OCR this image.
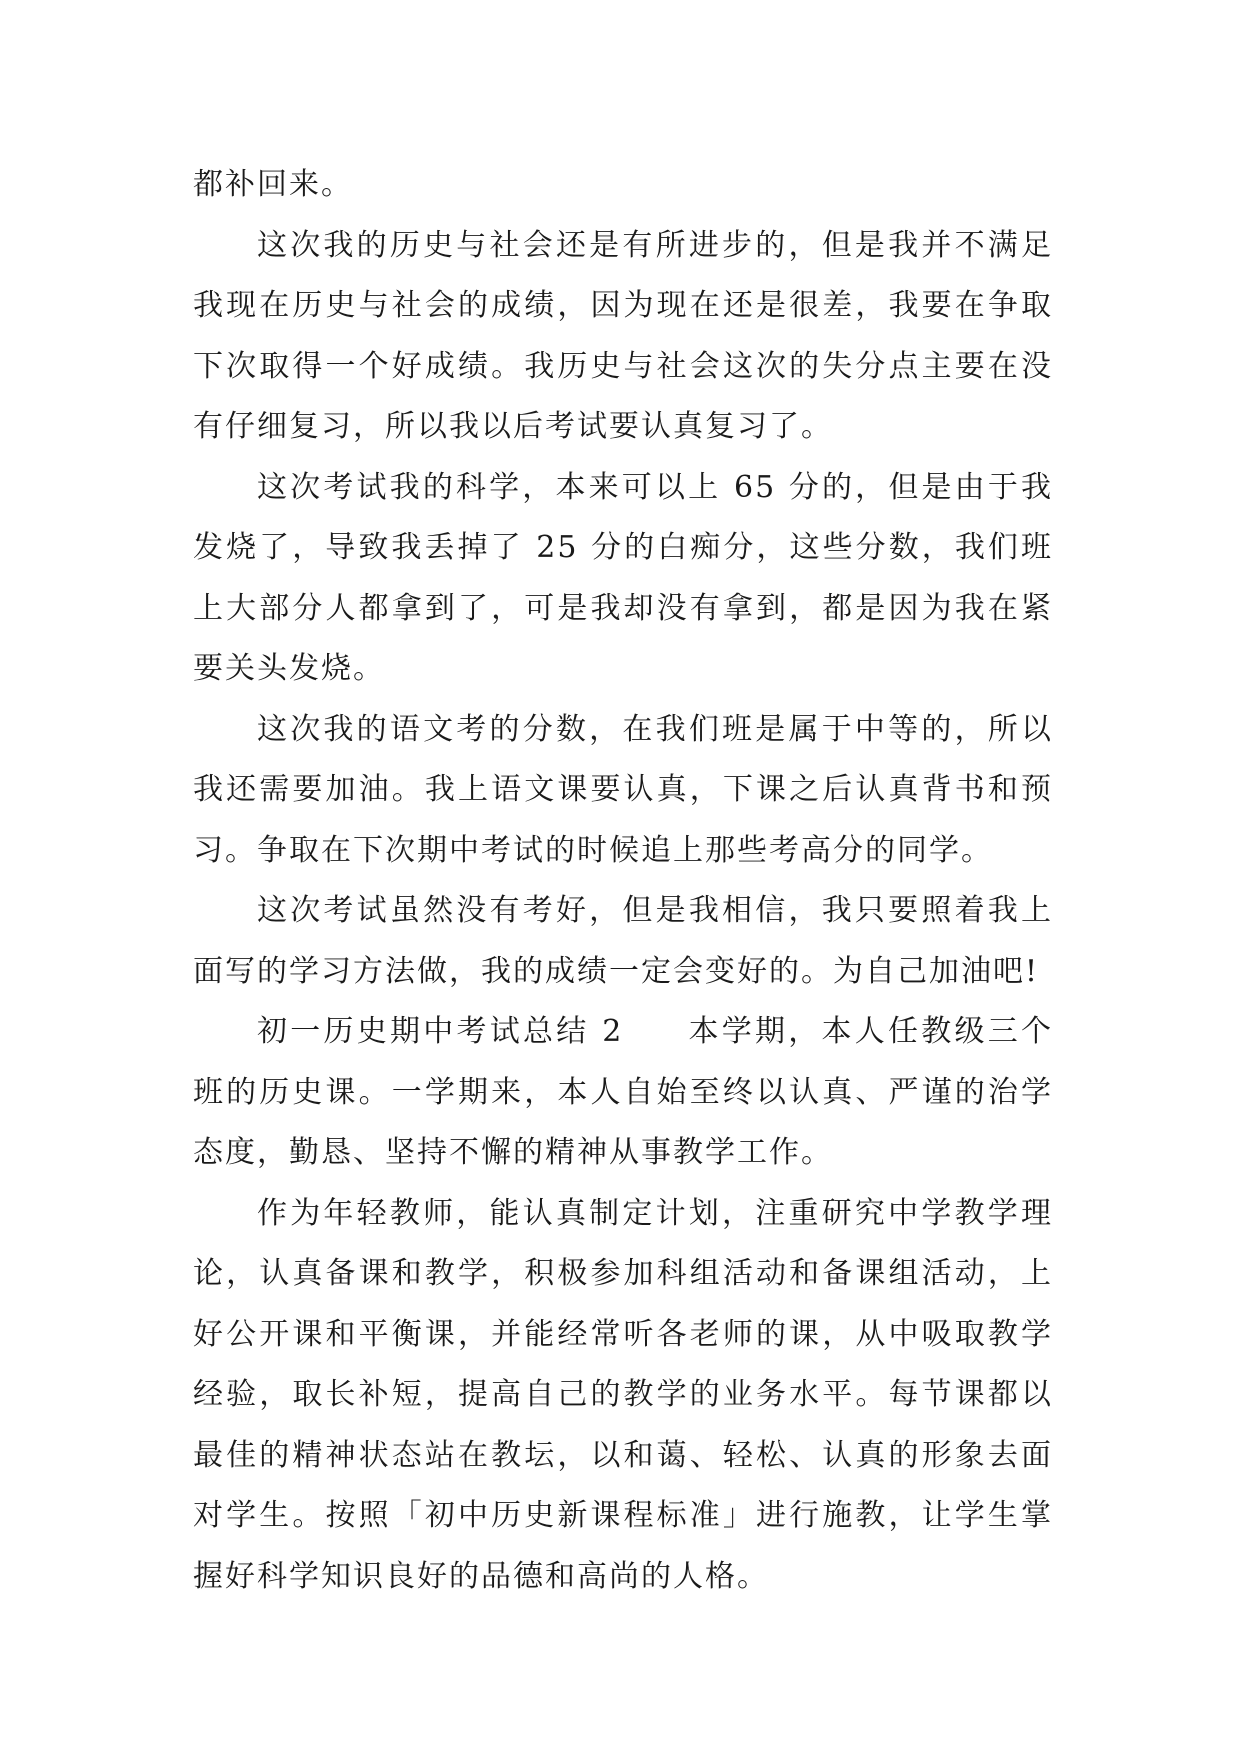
都补回来。

这次我的历史与社会还是有所进步的，但是我并不满足我现在历史与社会的成绩，因为现在还是很差，我要在争取下次取得一个好成绩。我历史与社会这次的失分点主要在没有仔细复习，所以我以后考试要认真复习了。

这次考试我的科学，本来可以上 65 分的，但是由于我发烧了，导致我丢掉了 25 分的白痴分，这些分数，我们班上大部分人都拿到了，可是我却没有拿到，都是因为我在紧要关头发烧。

这次我的语文考的分数，在我们班是属于中等的，所以我还需要加油。我上语文课要认真，下课之后认真背书和预习。争取在下次期中考试的时候追上那些考高分的同学。

这次考试虽然没有考好，但是我相信，我只要照着我上面写的学习方法做，我的成绩一定会变好的。为自己加油吧!

初一历史期中考试总结 2 本学期，本人任教级三个班的历史课。一学期来，本人自始至终以认真、严谨的治学态度，勤恳、坚持不懈的精神从事教学工作。

作为年轻教师，能认真制定计划，注重研究中学教学理论，认真备课和教学，积极参加科组活动和备课组活动，上好公开课和平衡课，并能经常听各老师的课，从中吸取教学经验，取长补短，提高自己的教学的业务水平。每节课都以最佳的精神状态站在教坛，以和蔼、轻松、认真的形象去面对学生。按照「初中历史新课程标准」进行施教，让学生掌握好科学知识良好的品德和高尚的人格。
